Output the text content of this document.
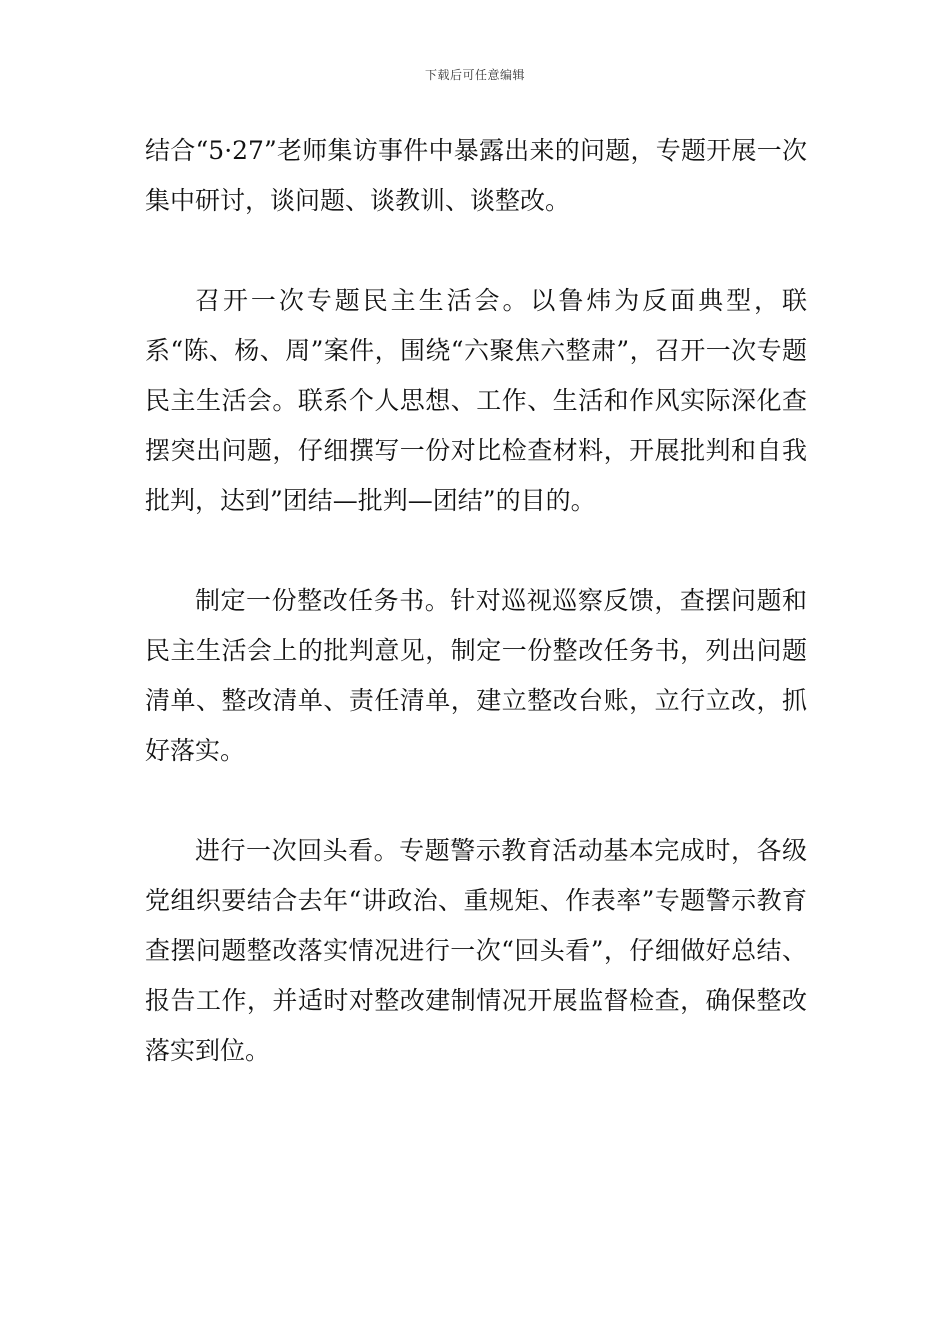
下载后可任意编辑

结合“5·27”老师集访事件中暴露出来的问题，专题开展一次集中研讨，谈问题、谈教训、谈整改。

召开一次专题民主生活会。以鲁炜为反面典型，联系“陈、杨、周”案件，围绕“六聚焦六整肃”，召开一次专题民主生活会。联系个人思想、工作、生活和作风实际深化查摆突出问题，仔细撰写一份对比检查材料，开展批判和自我批判，达到”团结—批判—团结”的目的。

制定一份整改任务书。针对巡视巡察反馈，查摆问题和民主生活会上的批判意见，制定一份整改任务书，列出问题清单、整改清单、责任清单，建立整改台账，立行立改，抓好落实。

进行一次回头看。专题警示教育活动基本完成时，各级党组织要结合去年“讲政治、重规矩、作表率”专题警示教育查摆问题整改落实情况进行一次“回头看”，仔细做好总结、报告工作，并适时对整改建制情况开展监督检查，确保整改落实到位。
